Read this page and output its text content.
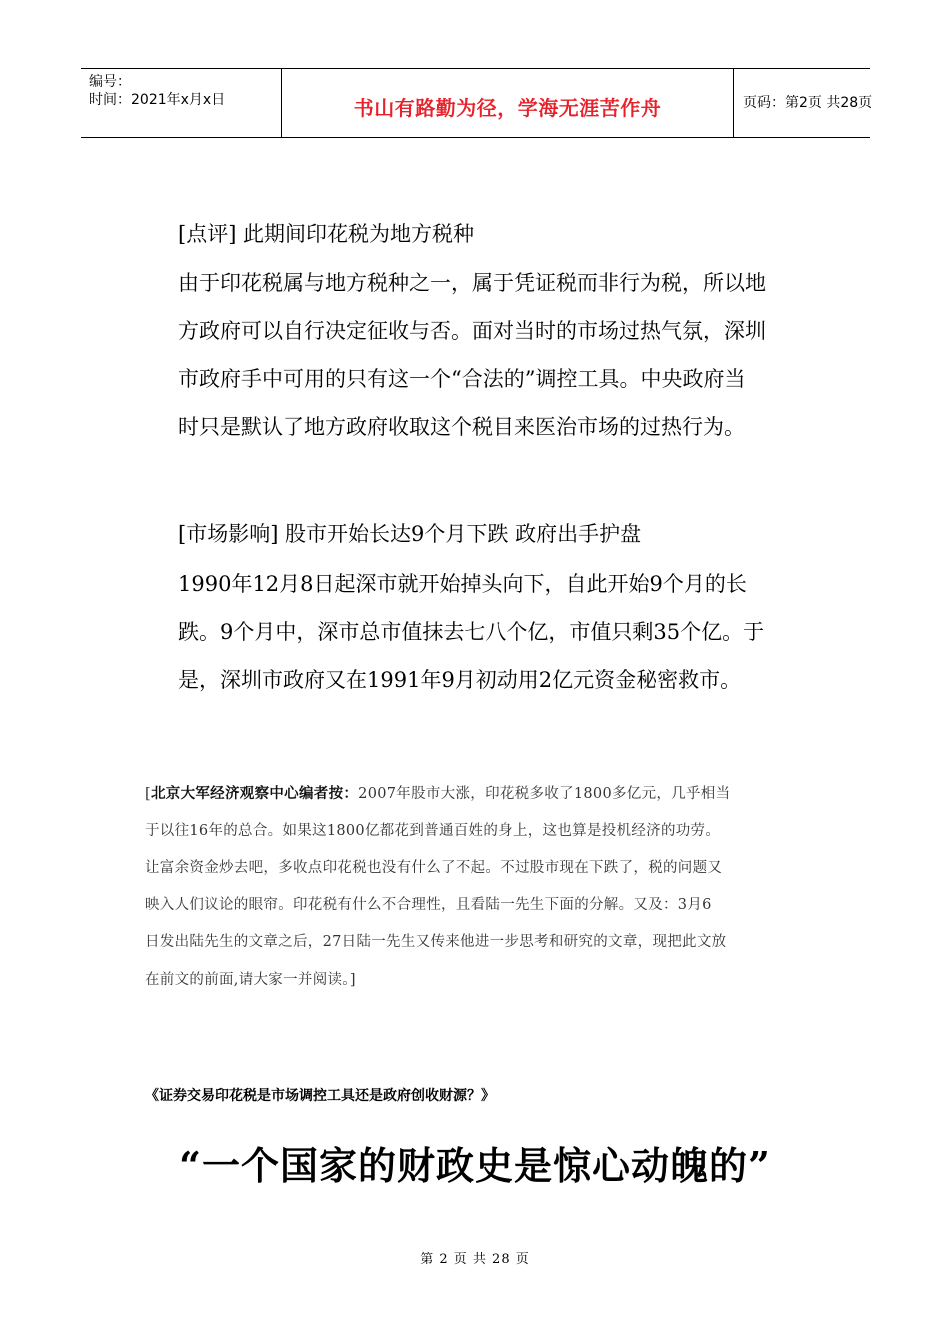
编号：
时间：2021年x月x日	书山有路勤为径，学海无涯苦作舟	页码：第2页 共28页
[点评] 此期间印花税为地方税种
由于印花税属与地方税种之一，属于凭证税而非行为税，所以地
方政府可以自行决定征收与否。面对当时的市场过热气氛，深圳
市政府手中可用的只有这一个“合法的”调控工具。中央政府当
时只是默认了地方政府收取这个税目来医治市场的过热行为。
[市场影响] 股市开始长达9个月下跌 政府出手护盘
1990年12月8日起深市就开始掉头向下，自此开始9个月的长
跌。9个月中，深市总市值抹去七八个亿，市值只剩35个亿。于
是，深圳市政府又在1991年9月初动用2亿元资金秘密救市。
[北京大军经济观察中心编者按：2007年股市大涨，印花税多收了1800多亿元，几乎相当
于以往16年的总合。如果这1800亿都花到普通百姓的身上，这也算是投机经济的功劳。
让富余资金炒去吧，多收点印花税也没有什么了不起。不过股市现在下跌了，税的问题又
映入人们议论的眼帘。印花税有什么不合理性，且看陆一先生下面的分解。又及：3月6
日发出陆先生的文章之后，27日陆一先生又传来他进一步思考和研究的文章，现把此文放
在前文的前面,请大家一并阅读。]
《证券交易印花税是市场调控工具还是政府创收财源？》
“一个国家的财政史是惊心动魄的”
第 2 页 共 28 页
